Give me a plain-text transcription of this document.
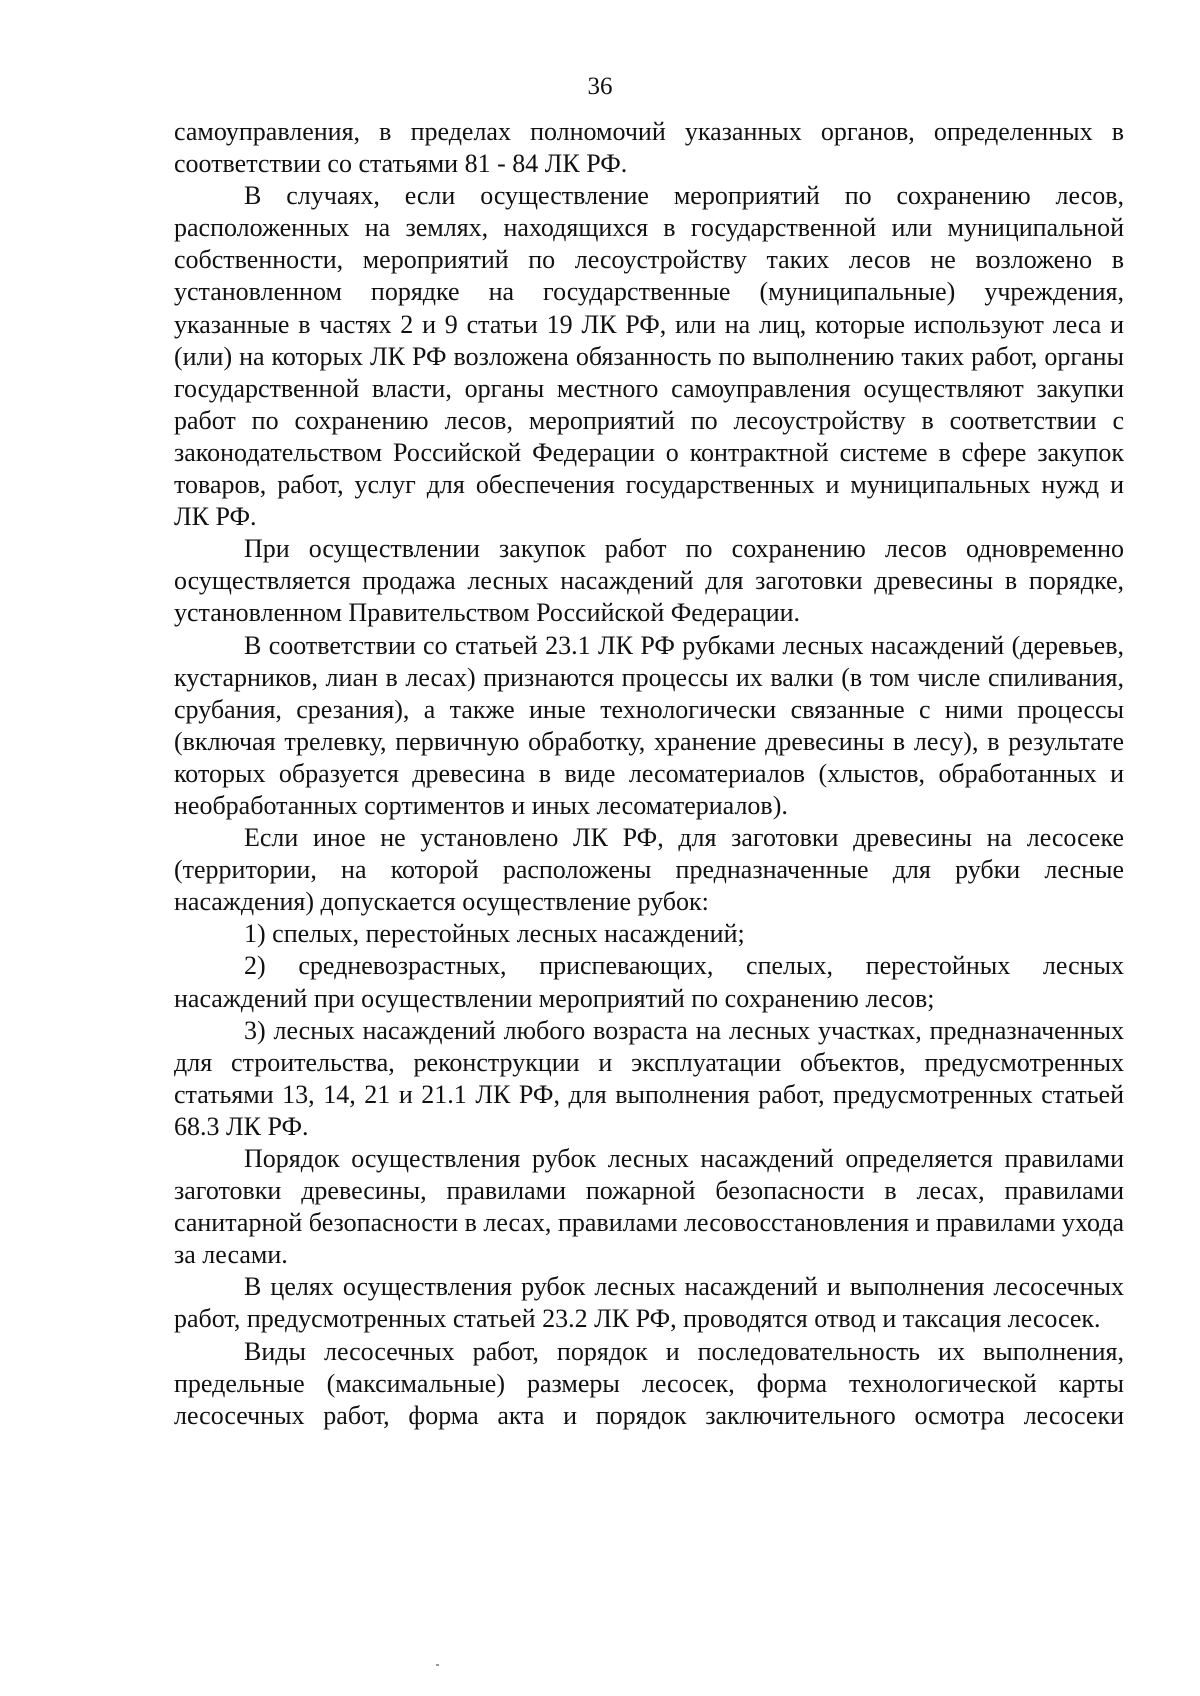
36

самоуправления, в пределах полномочий указанных органов, определенных в соответствии со статьями 81 - 84 ЛК РФ.

В случаях, если осуществление мероприятий по сохранению лесов, расположенных на землях, находящихся в государственной или муниципальной собственности, мероприятий по лесоустройству таких лесов не возложено в установленном порядке на государственные (муниципальные) учреждения, указанные в частях 2 и 9 статьи 19 ЛК РФ, или на лиц, которые используют леса и (или) на которых ЛК РФ возложена обязанность по выполнению таких работ, органы государственной власти, органы местного самоуправления осуществляют закупки работ по сохранению лесов, мероприятий по лесоустройству в соответствии с законодательством Российской Федерации о контрактной системе в сфере закупок товаров, работ, услуг для обеспечения государственных и муниципальных нужд и ЛК РФ.

При осуществлении закупок работ по сохранению лесов одновременно осуществляется продажа лесных насаждений для заготовки древесины в порядке, установленном Правительством Российской Федерации.

В соответствии со статьей 23.1 ЛК РФ рубками лесных насаждений (деревьев, кустарников, лиан в лесах) признаются процессы их валки (в том числе спиливания, срубания, срезания), а также иные технологически связанные с ними процессы (включая трелевку, первичную обработку, хранение древесины в лесу), в результате которых образуется древесина в виде лесоматериалов (хлыстов, обработанных и необработанных сортиментов и иных лесоматериалов).

Если иное не установлено ЛК РФ, для заготовки древесины на лесосеке (территории, на которой расположены предназначенные для рубки лесные насаждения) допускается осуществление рубок:

1) спелых, перестойных лесных насаждений;

2) средневозрастных, приспевающих, спелых, перестойных лесных насаждений при осуществлении мероприятий по сохранению лесов;

3) лесных насаждений любого возраста на лесных участках, предназначенных для строительства, реконструкции и эксплуатации объектов, предусмотренных статьями 13, 14, 21 и 21.1 ЛК РФ, для выполнения работ, предусмотренных статьей 68.3 ЛК РФ.

Порядок осуществления рубок лесных насаждений определяется правилами заготовки древесины, правилами пожарной безопасности в лесах, правилами санитарной безопасности в лесах, правилами лесовосстановления и правилами ухода за лесами.

В целях осуществления рубок лесных насаждений и выполнения лесосечных работ, предусмотренных статьей 23.2 ЛК РФ, проводятся отвод и таксация лесосек.

Виды лесосечных работ, порядок и последовательность их выполнения, предельные (максимальные) размеры лесосек, форма технологической карты лесосечных работ, форма акта и порядок заключительного осмотра лесосеки
